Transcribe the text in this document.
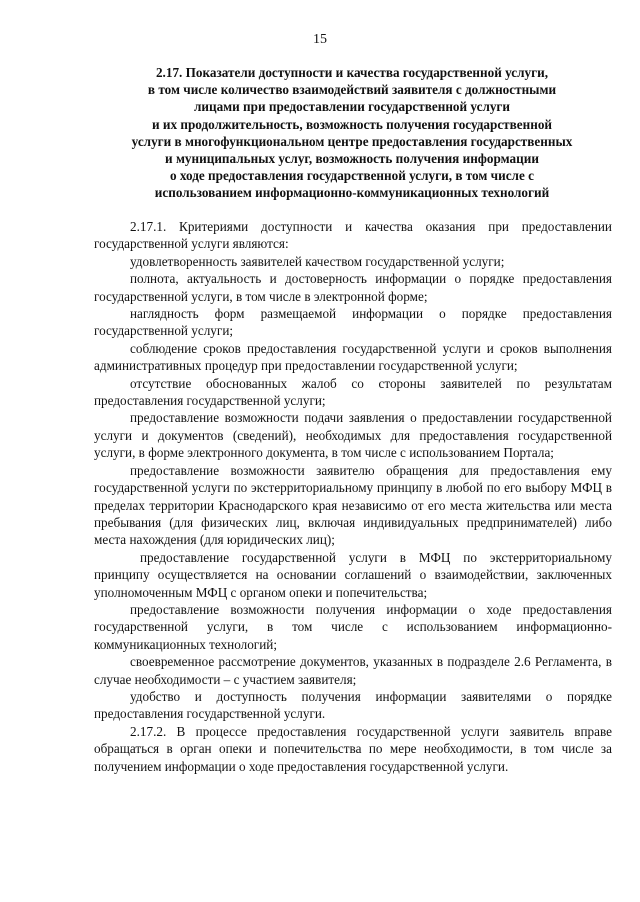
15
2.17. Показатели доступности и качества государственной услуги,
в том числе количество взаимодействий заявителя с должностными
лицами при предоставлении государственной услуги
и их продолжительность, возможность получения государственной
услуги в многофункциональном центре предоставления государственных
и муниципальных услуг, возможность получения информации
о ходе предоставления государственной услуги, в том числе с
использованием информационно-коммуникационных технологий

2.17.1. Критериями доступности и качества оказания при предоставлении государственной услуги являются:

удовлетворенность заявителей качеством государственной услуги;

полнота, актуальность и достоверность информации о порядке предоставления государственной услуги, в том числе в электронной форме;

наглядность форм размещаемой информации о порядке предоставления государственной услуги;

соблюдение сроков предоставления государственной услуги и сроков выполнения административных процедур при предоставлении государственной услуги;

отсутствие обоснованных жалоб со стороны заявителей по результатам предоставления государственной услуги;

предоставление возможности подачи заявления о предоставлении государственной услуги и документов (сведений), необходимых для предоставления государственной услуги, в форме электронного документа, в том числе с использованием Портала;

предоставление возможности заявителю обращения для предоставления ему государственной услуги по экстерриториальному принципу в любой по его выбору МФЦ в пределах территории Краснодарского края независимо от его места жительства или места пребывания (для физических лиц, включая индивидуальных предпринимателей) либо места нахождения (для юридических лиц);

предоставление государственной услуги в МФЦ по экстерриториальному принципу осуществляется на основании соглашений о взаимодействии, заключенных уполномоченным МФЦ с органом опеки и попечительства;

предоставление возможности получения информации о ходе предоставления государственной услуги, в том числе с использованием информационно-коммуникационных технологий;

своевременное рассмотрение документов, указанных в подразделе 2.6 Регламента, в случае необходимости – с участием заявителя;

удобство и доступность получения информации заявителями о порядке предоставления государственной услуги.

2.17.2. В процессе предоставления государственной услуги заявитель вправе обращаться в орган опеки и попечительства по мере необходимости, в том числе за получением информации о ходе предоставления государственной услуги.
